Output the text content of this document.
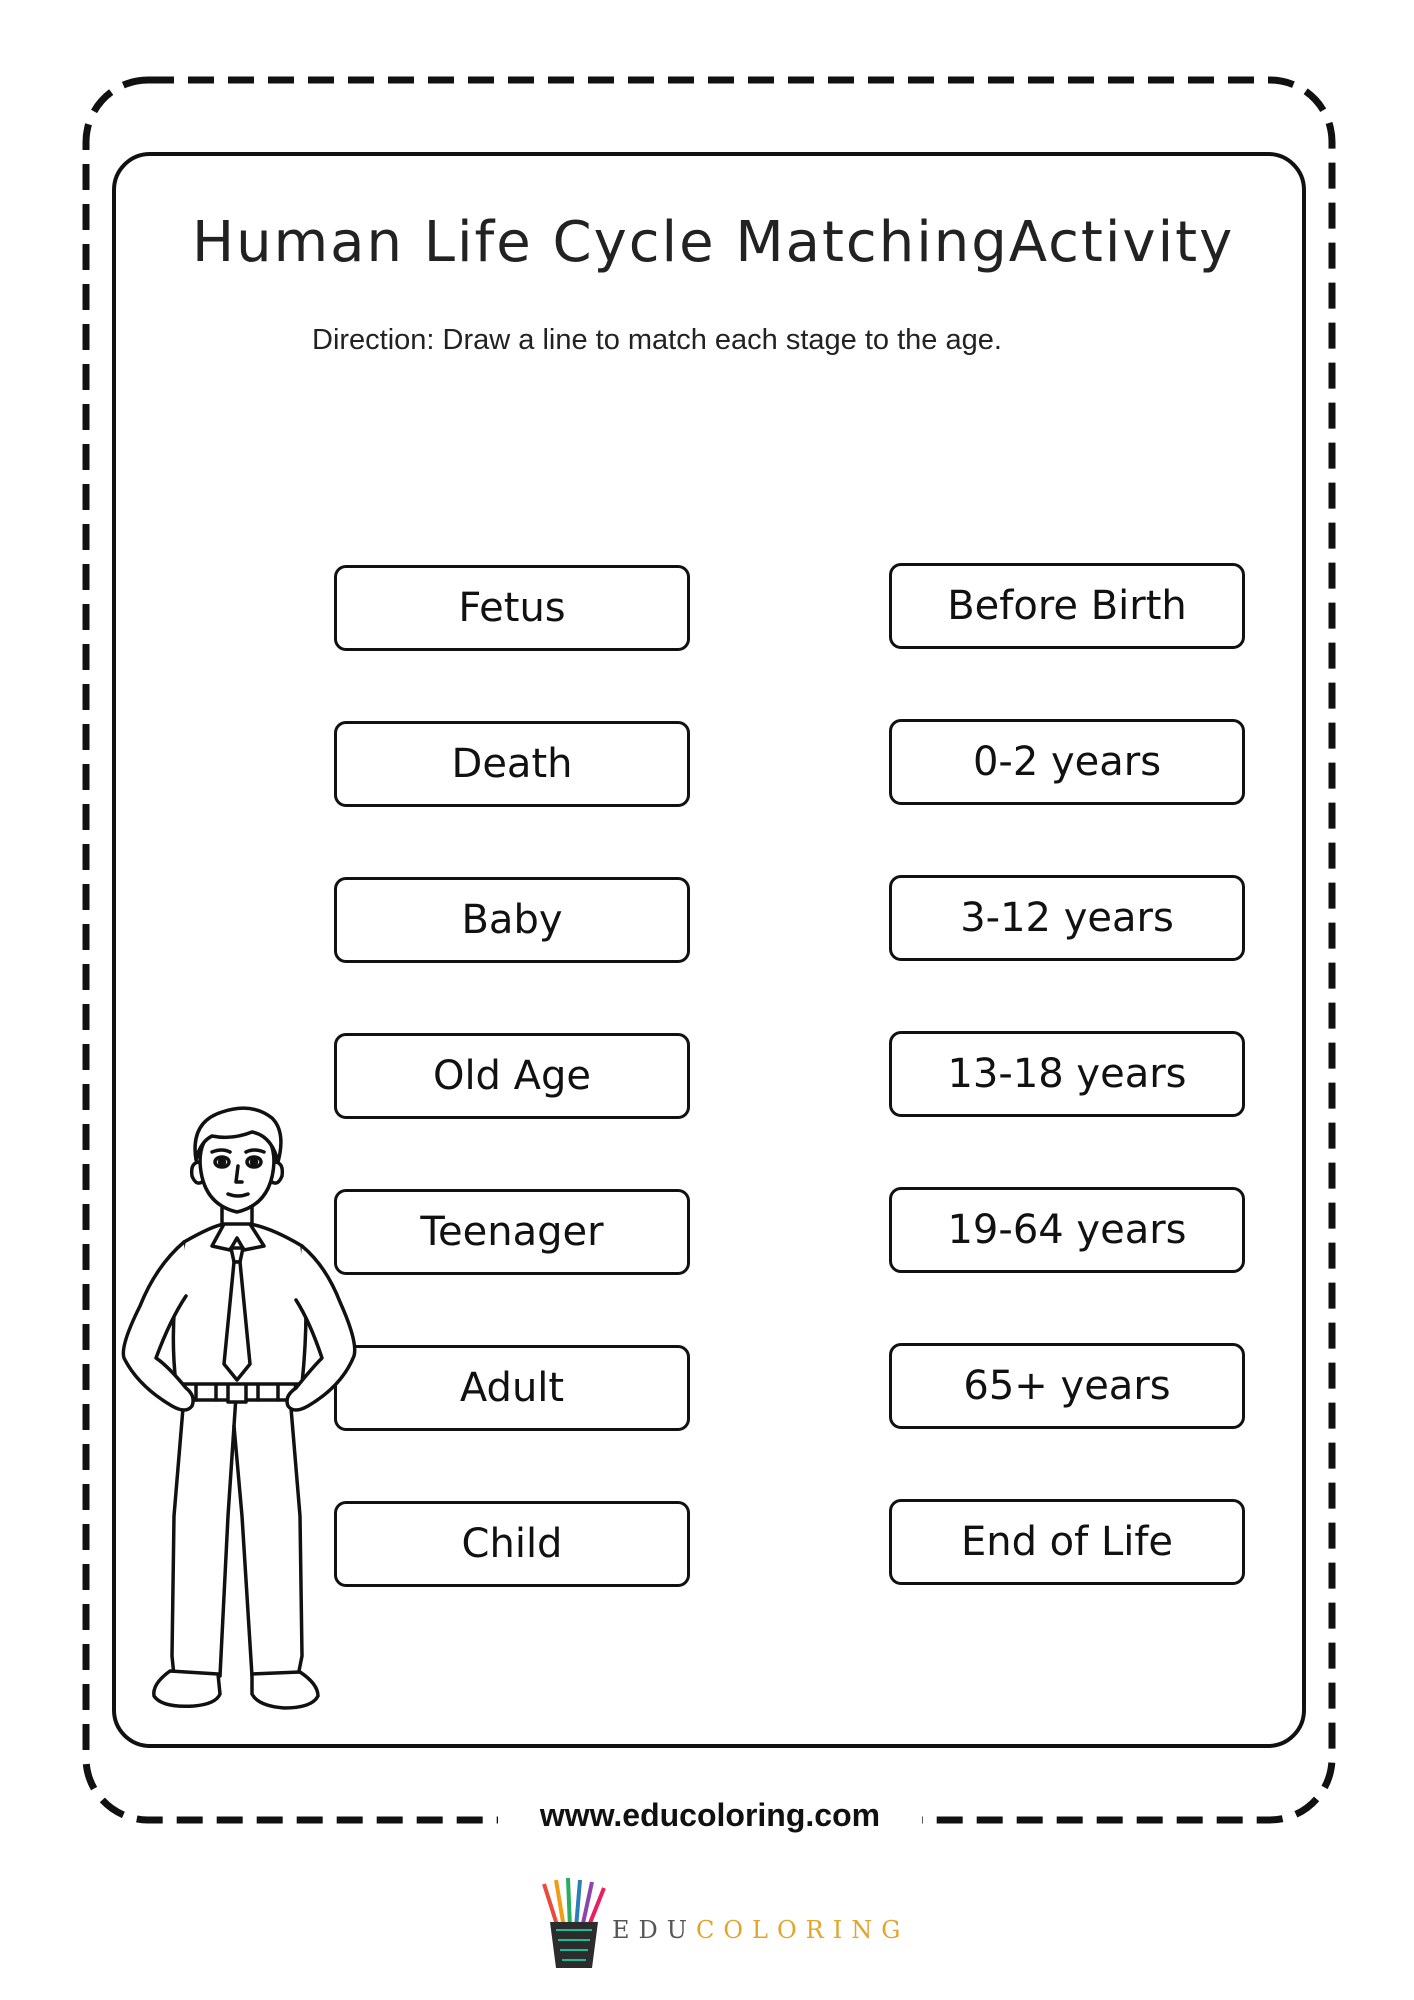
Human Life Cycle MatchingActivity
Direction: Draw a line to match each stage to the age.
Fetus
Death
Baby
Old Age
Teenager
Adult
Child
Before Birth
0-2 years
3-12 years
13-18 years
19-64 years
65+ years
End of Life
www.educoloring.com
EDUCOLORING
